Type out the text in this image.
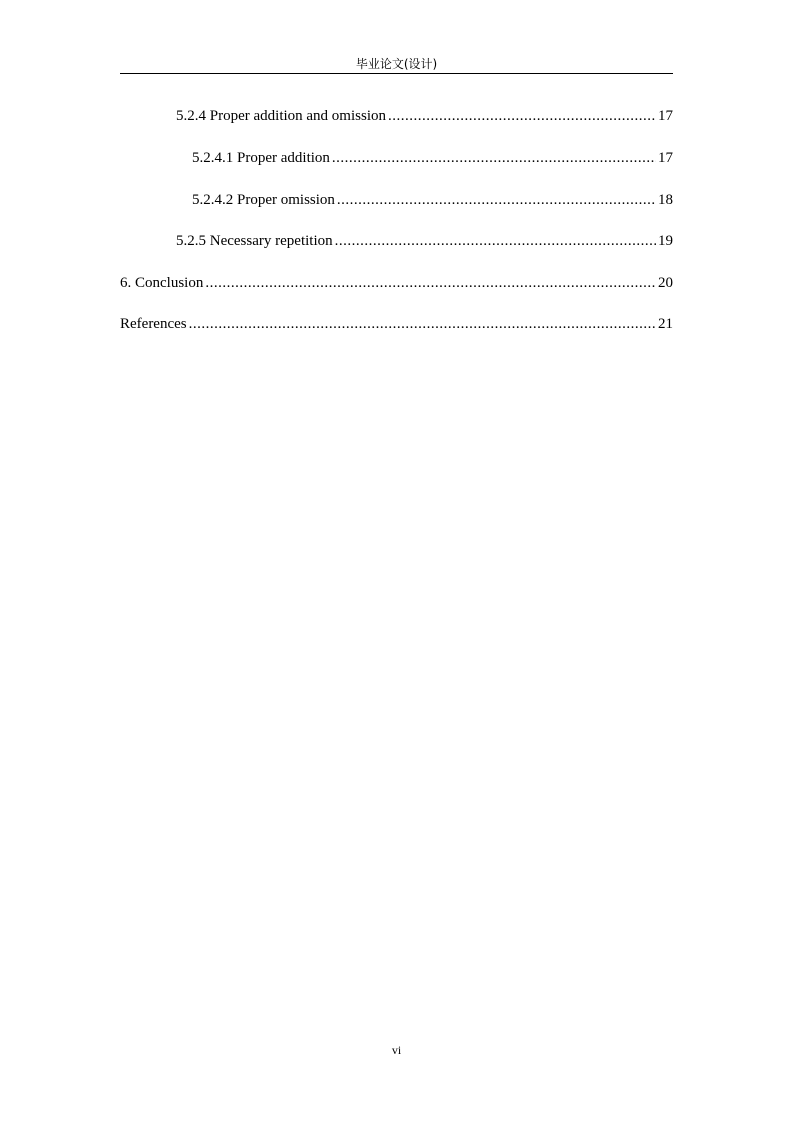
毕业论文(设计)
5.2.4 Proper addition and omission .....	17
5.2.4.1 Proper addition .....	17
5.2.4.2 Proper omission .....	18
5.2.5 Necessary repetition .....	19
6. Conclusion .....	20
References .....	21
vi
